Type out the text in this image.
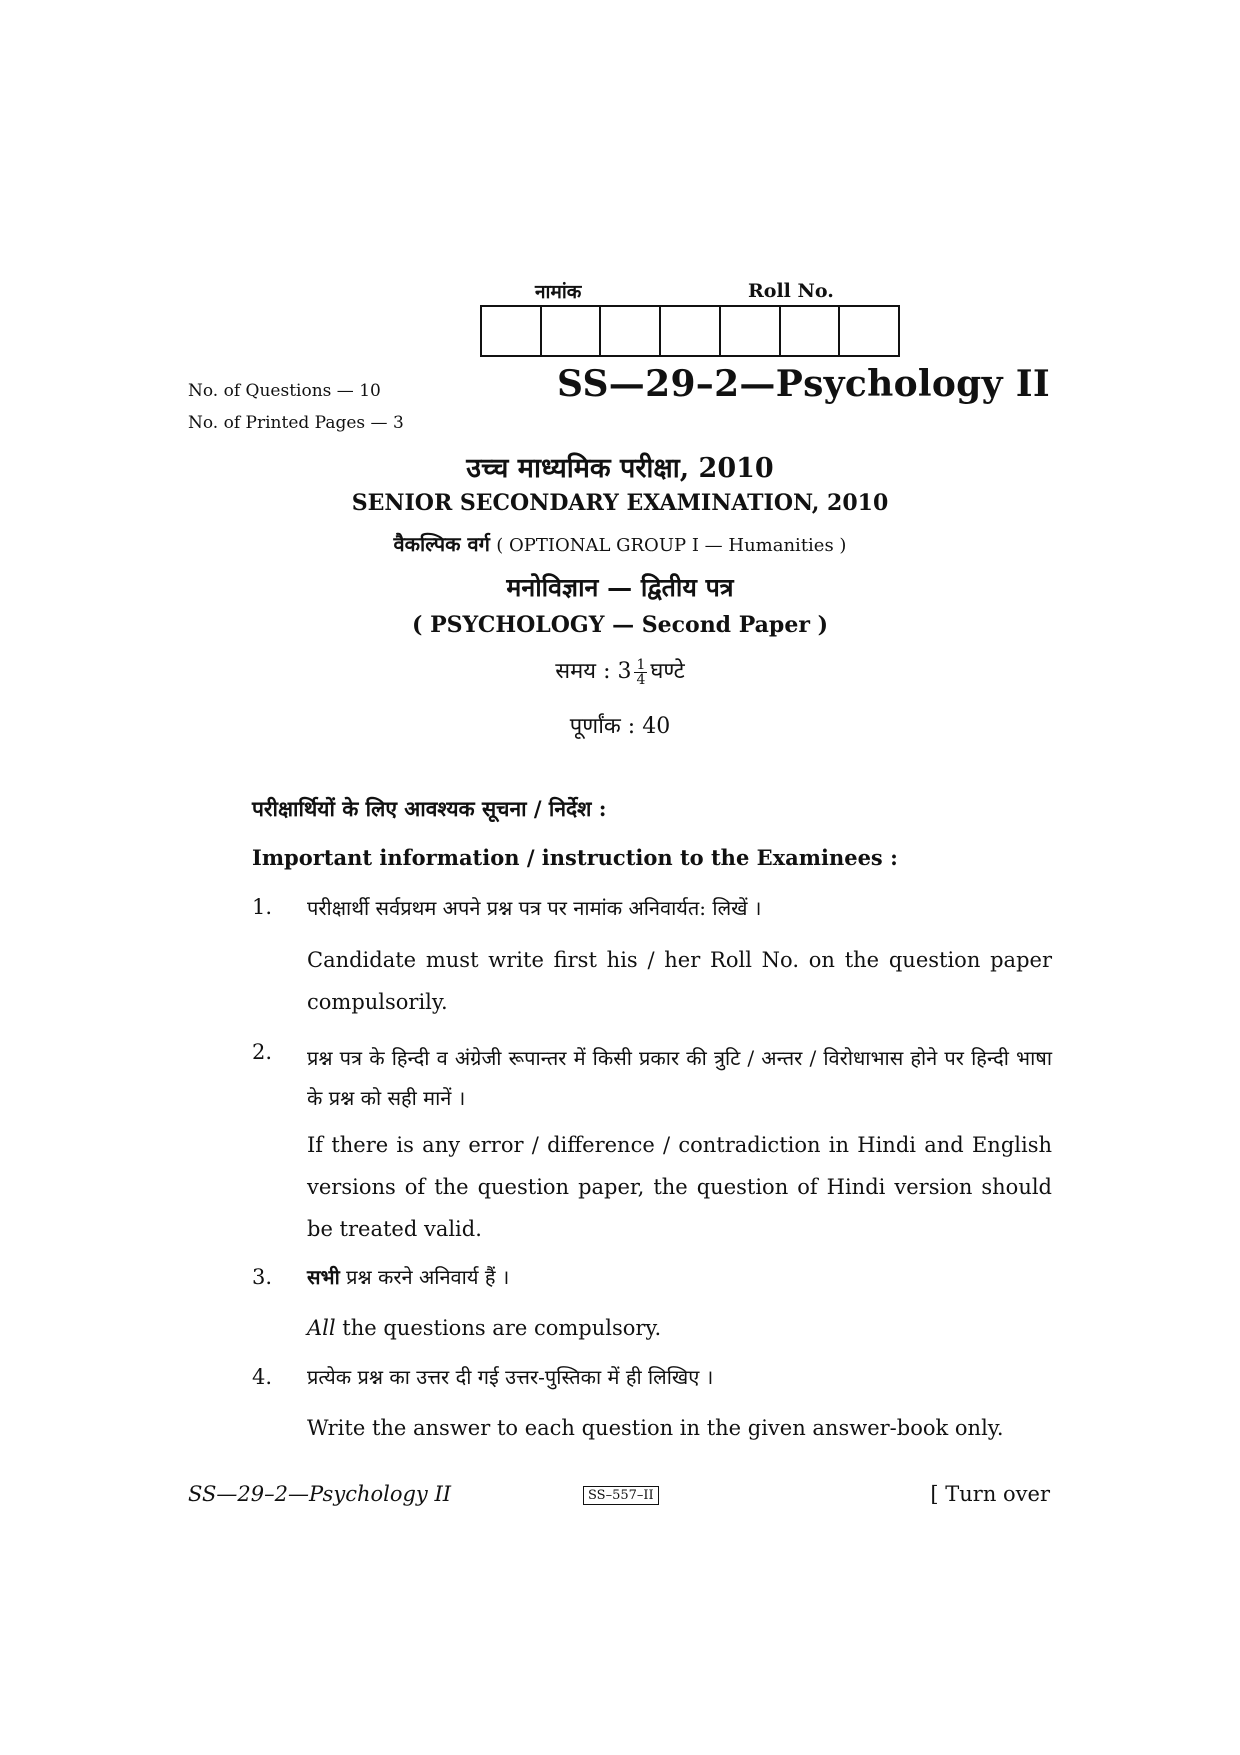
नामांक	Roll No.
No. of Questions — 10
No. of Printed Pages — 3
SS—29–2—Psychology II
उच्च माध्यमिक परीक्षा, 2010
SENIOR SECONDARY EXAMINATION, 2010
वैकल्पिक वर्ग ( OPTIONAL GROUP I — Humanities )
मनोविज्ञान — द्वितीय पत्र
( PSYCHOLOGY — Second Paper )
समय : $3 \frac{1}{4}$ घण्टे
पूर्णांक : 40
परीक्षार्थियों के लिए आवश्यक सूचना / निर्देश :
Important information / instruction to the Examinees :
1. परीक्षार्थी सर्वप्रथम अपने प्रश्न पत्र पर नामांक अनिवार्यत: लिखें ।
Candidate must write first his / her Roll No. on the question paper compulsorily.
2. प्रश्न पत्र के हिन्दी व अंग्रेजी रूपान्तर में किसी प्रकार की त्रुटि / अन्तर / विरोधाभास होने पर हिन्दी भाषा के प्रश्न को सही मानें ।
If there is any error / difference / contradiction in Hindi and English versions of the question paper, the question of Hindi version should be treated valid.
3. सभी प्रश्न करने अनिवार्य हैं ।
All the questions are compulsory.
4. प्रत्येक प्रश्न का उत्तर दी गई उत्तर-पुस्तिका में ही लिखिए ।
Write the answer to each question in the given answer-book only.
SS—29–2—Psychology II	SS–557–II	[ Turn over
